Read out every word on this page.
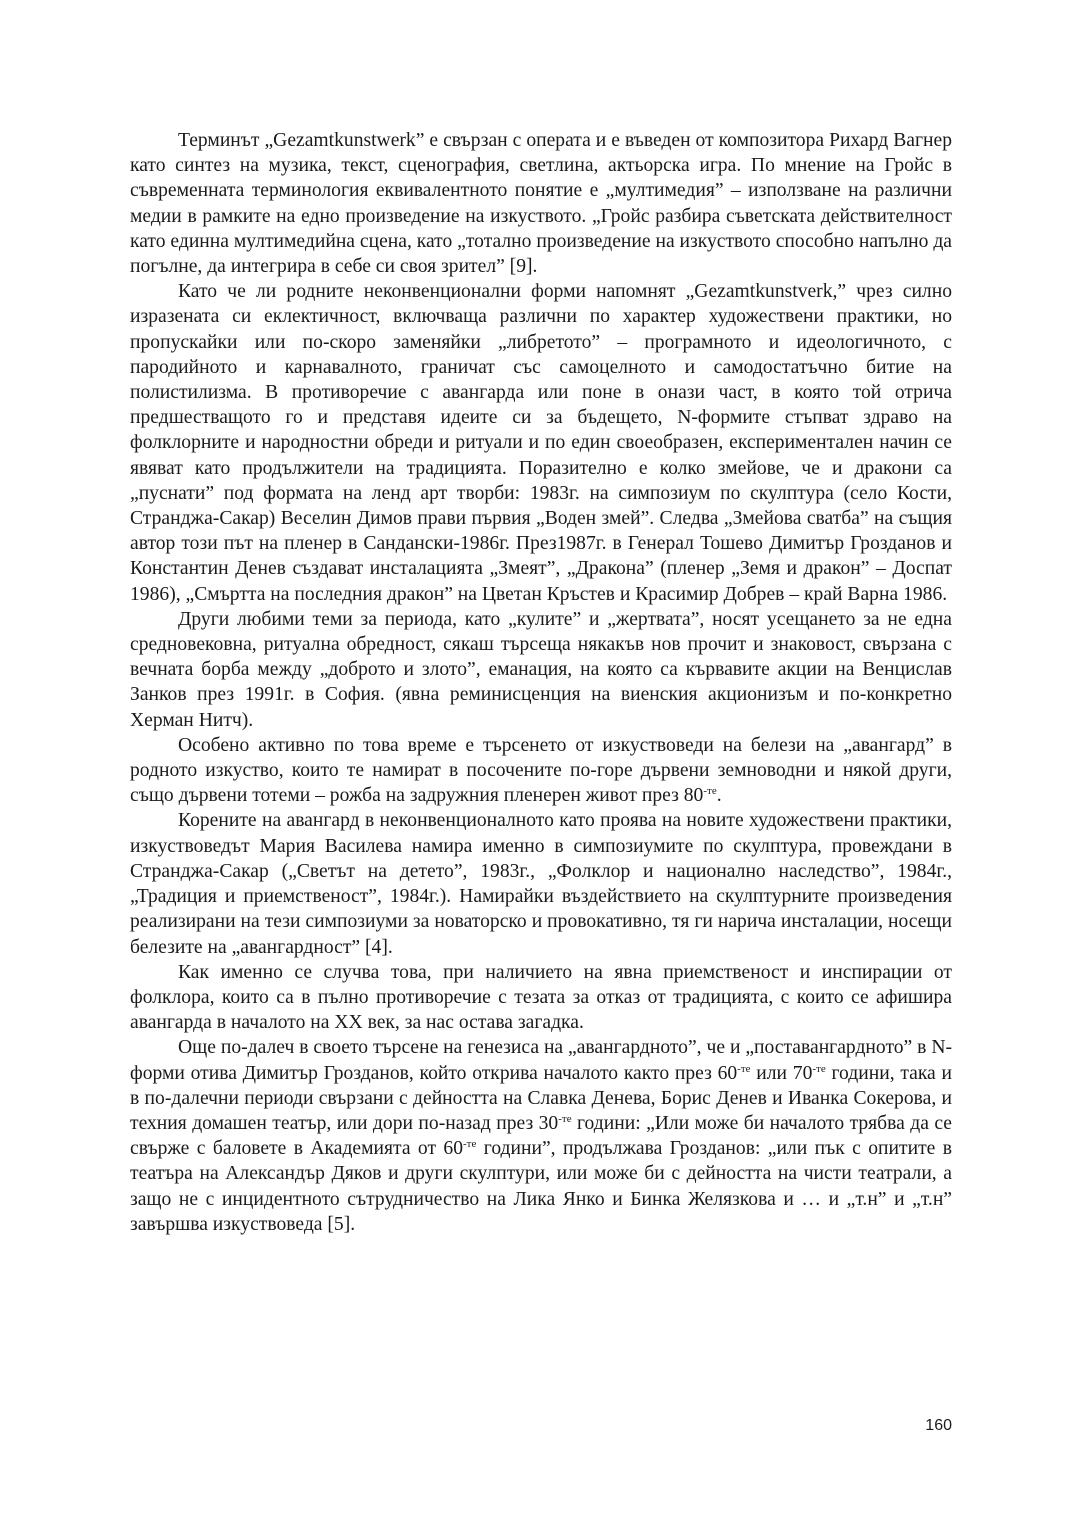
Терминът „Gezamtkunstwerk” е свързан с операта и е въведен от композитора Рихард Вагнер като синтез на музика, текст, сценография, светлина, актьорска игра. По мнение на Гройс в съвременната терминология еквивалентното понятие е „мултимедия” – използване на различни медии в рамките на едно произведение на изкуството. „Гройс разбира съветската действителност като единна мултимедийна сцена, като „тотално произведение на изкуството способно напълно да погълне, да интегрира в себе си своя зрител” [9].

Като че ли родните неконвенционални форми напомнят „Gezamtkunstverk,” чрез силно изразената си еклектичност, включваща различни по характер художествени практики, но пропускайки или по-скоро заменяйки „либретото” – програмното и идеологичното, с пародийното и карнавалното, граничат със самоцелното и самодостатъчно битие на полистилизма. В противоречие с авангарда или поне в онази част, в която той отрича предшестващото го и представя идеите си за бъдещето, N-формите стъпват здраво на фолклорните и народностни обреди и ритуали и по един своеобразен, експериментален начин се явяват като продължители на традицията. Поразително е колко змейове, че и дракони са „пуснати” под формата на ленд арт творби: 1983г. на симпозиум по скулптура (село Кости, Странджа-Сакар) Веселин Димов прави първия „Воден змей”. Следва „Змейова сватба” на същия автор този път на пленер в Сандански-1986г. През1987г. в Генерал Тошево Димитър Грозданов и Константин Денев създават инсталацията „Змеят”, „Дракона” (пленер „Земя и дракон” – Доспат 1986), „Смъртта на последния дракон” на Цветан Кръстев и Красимир Добрев – край Варна 1986.

Други любими теми за периода, като „кулите” и „жертвата”, носят усещането за не една средновековна, ритуална обредност, сякаш търсеща някакъв нов прочит и знаковост, свързана с вечната борба между „доброто и злото”, еманация, на която са кървавите акции на Венцислав Занков през 1991г. в София. (явна реминисценция на виенския акционизъм и по-конкретно Херман Нитч).

Особено активно по това време е търсенето от изкуствоведи на белези на „авангард” в родното изкуство, които те намират в посочените по-горе дървени земноводни и някой други, също дървени тотеми – рожба на задружния пленерен живот през $80^{-те}$.

Корените на авангард в неконвенционалното като проява на новите художествени практики, изкуствоведът Мария Василева намира именно в симпозиумите по скулптура, провеждани в Странджа-Сакар („Светът на детето”, 1983г., „Фолклор и национално наследство”, 1984г., „Традиция и приемственост”, 1984г.). Намирайки въздействието на скулптурните произведения реализирани на тези симпозиуми за новаторско и провокативно, тя ги нарича инсталации, носещи белезите на „авангардност” [4].

Как именно се случва това, при наличието на явна приемственост и инспирации от фолклора, които са в пълно противоречие с тезата за отказ от традицията, с които се афишира авангарда в началото на XX век, за нас остава загадка.

Още по-далеч в своето търсене на генезиса на „авангардното”, че и „поставангардното” в N-форми отива Димитър Грозданов, който открива началото както през $60^{-те}$ или $70^{-те}$ години, така и в по-далечни периоди свързани с дейността на Славка Денева, Борис Денев и Иванка Сокерова, и техния домашен театър, или дори по-назад през $30^{-те}$ години: „Или може би началото трябва да се свърже с баловете в Академията от $60^{-те}$ години”, продължава Грозданов: „или пък с опитите в театъра на Александър Дяков и други скулптури, или може би с дейността на чисти театрали, а защо не с инцидентното сътрудничество на Лика Янко и Бинка Желязкова и … и „т.н” и „т.н” завършва изкуствоведа [5].

160
